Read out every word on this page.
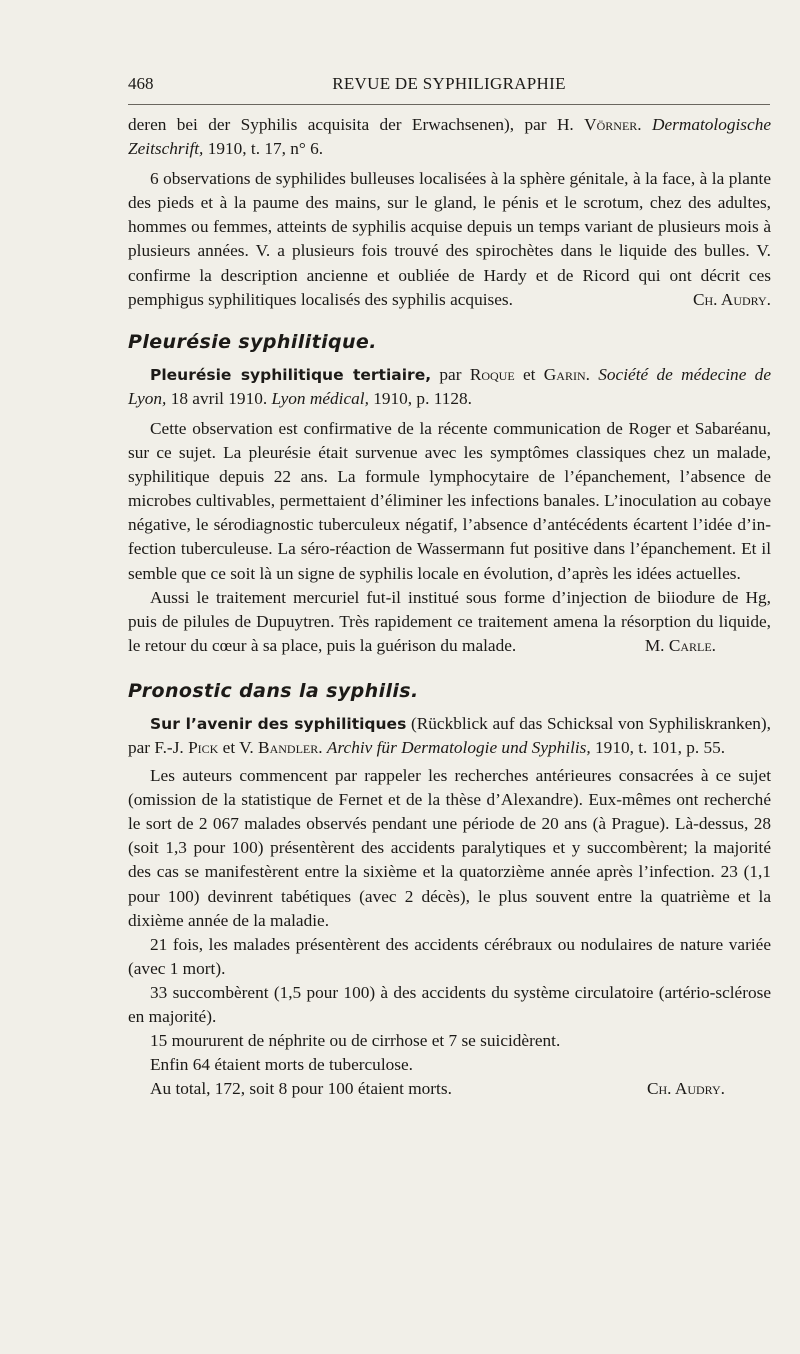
468	REVUE DE SYPHILIGRAPHIE

deren bei der Syphilis acquisita der Erwachsenen), par H. Vörner. Dermatologische Zeitschrift, 1910, t. 17, n° 6.

6 observations de syphilides bulleuses localisées à la sphère génitale, à la face, à la plante des pieds et à la paume des mains, sur le gland, le pénis et le scrotum, chez des adultes, hommes ou femmes, atteints de syphilis acquise depuis un temps variant de plusieurs mois à plusieurs années. V. a plusieurs fois trouvé des spirochètes dans le liquide des bulles. V. confirme la description ancienne et oubliée de Hardy et de Ricord qui ont décrit ces pemphigus syphilitiques localisés des syphilis acquises.	Ch. Audry.

Pleurésie syphilitique.

Pleurésie syphilitique tertiaire, par Roque et Garin. Société de médecine de Lyon, 18 avril 1910. Lyon médical, 1910, p. 1128.

Cette observation est confirmative de la récente communication de Roger et Sabaréanu, sur ce sujet. La pleurésie était survenue avec les symptômes classiques chez un malade, syphilitique depuis 22 ans. La formule lymphocytaire de l’épanchement, l’absence de microbes cultivables, permettaient d’éliminer les infections banales. L’inoculation au cobaye négative, le sérodiagnostic tuberculeux négatif, l’absence d’antécédents écartent l’idée d’infection tuberculeuse. La séro-réaction de Wassermann fut positive dans l’épanchement. Et il semble que ce soit là un signe de syphilis locale en évolution, d’après les idées actuelles.

Aussi le traitement mercuriel fut-il institué sous forme d’injection de biiodure de Hg, puis de pilules de Dupuytren. Très rapidement ce traitement amena la résorption du liquide, le retour du cœur à sa place, puis la guérison du malade.	M. Carle.

Pronostic dans la syphilis.

Sur l’avenir des syphilitiques (Rückblick auf das Schicksal von Syphiliskranken), par F.-J. Pick et V. Bandler. Archiv für Dermatologie und Syphilis, 1910, t. 101, p. 55.

Les auteurs commencent par rappeler les recherches antérieures consacrées à ce sujet (omission de la statistique de Fernet et de la thèse d’Alexandre). Eux-mêmes ont recherché le sort de 2 067 malades observés pendant une période de 20 ans (à Prague). Là-dessus, 28 (soit 1,3 pour 100) présentèrent des accidents paralytiques et y succombèrent; la majorité des cas se manifestèrent entre la sixième et la quatorzième année après l’infection. 23 (1,1 pour 100) devinrent tabétiques (avec 2 décès), le plus souvent entre la quatrième et la dixième année de la maladie.

21 fois, les malades présentèrent des accidents cérébraux ou nodulaires de nature variée (avec 1 mort).

33 succombèrent (1,5 pour 100) à des accidents du système circulatoire (artério-sclérose en majorité).

15 moururent de néphrite ou de cirrhose et 7 se suicidèrent.

Enfin 64 étaient morts de tuberculose.

Au total, 172, soit 8 pour 100 étaient morts.	Ch. Audry.
